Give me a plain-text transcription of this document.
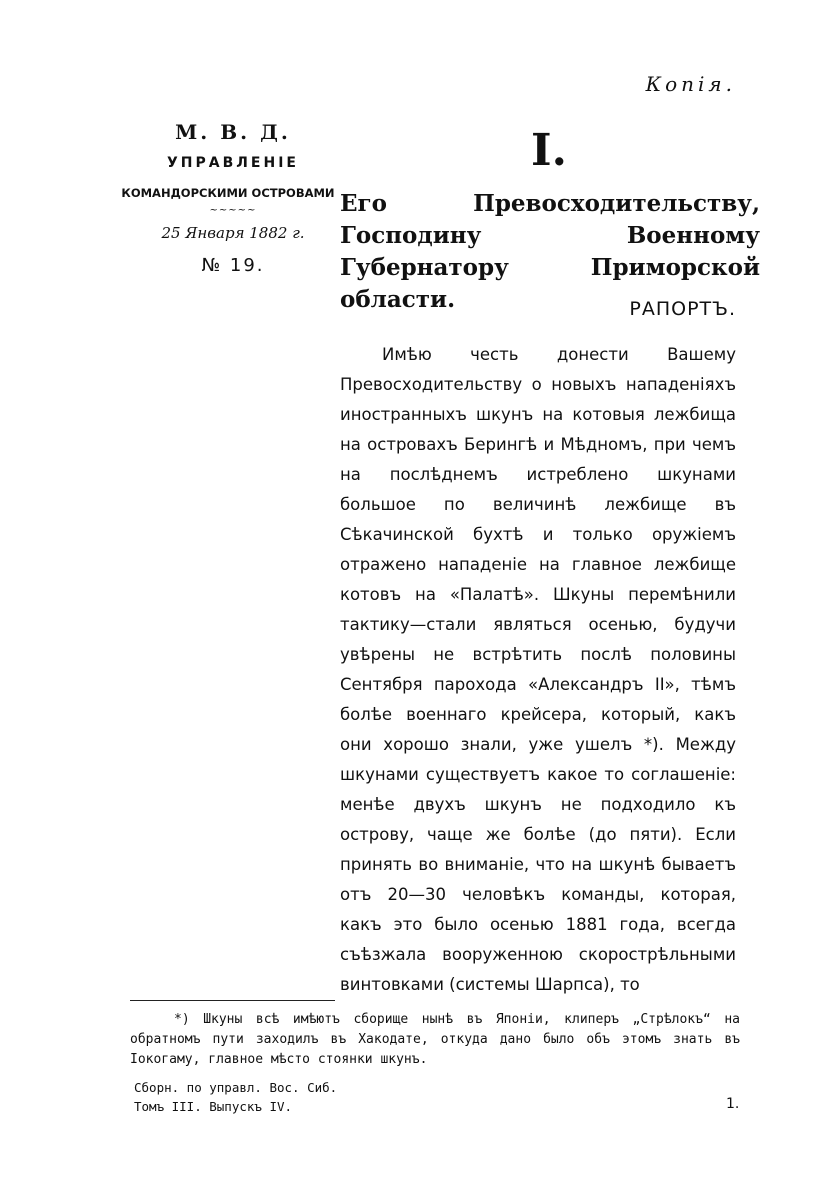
Копія.
I.
М. В. Д.
УПРАВЛЕНІЕ
КОМАНДОРСКИМИ ОСТРОВАМИ
~~~~~
25 Января 1882 г.
№ 19.
Его Превосходительству, Господину Военному Губернатору Приморской области.	РАПОРТЪ.
Имѣю честь донести Вашему Превосходительству о новыхъ нападеніяхъ иностранныхъ шкунъ на котовыя лежбища на островахъ Берингѣ и Мѣдномъ, при чемъ на послѣднемъ истреблено шкунами большое по величинѣ лежбище въ Сѣкачинской бухтѣ и только оружіемъ отражено нападеніе на главное лежбище котовъ на «Палатѣ». Шкуны перемѣнили тактику—стали являться осенью, будучи увѣрены не встрѣтить послѣ половины Сентября парохода «Александръ II», тѣмъ болѣе военнаго крейсера, который, какъ они хорошо знали, уже ушелъ *). Между шкунами существуетъ какое то соглашеніе: менѣе двухъ шкунъ не подходило къ острову, чаще же болѣе (до пяти). Если принять во вниманіе, что на шкунѣ бываетъ отъ 20—30 человѣкъ команды, которая, какъ это было осенью 1881 года, всегда съѣзжала вооруженною скорострѣльными винтовками (системы Шарпса), то
*) Шкуны всѣ имѣютъ сборище нынѣ въ Японіи, клиперъ „Стрѣлокъ“ на обратномъ пути заходилъ въ Хакодате, откуда дано было объ этомъ знать въ Іокогаму, главное мѣсто стоянки шкунъ.
Сборн. по управл. Вос. Сиб.
Томъ III. Выпускъ IV.	1.
